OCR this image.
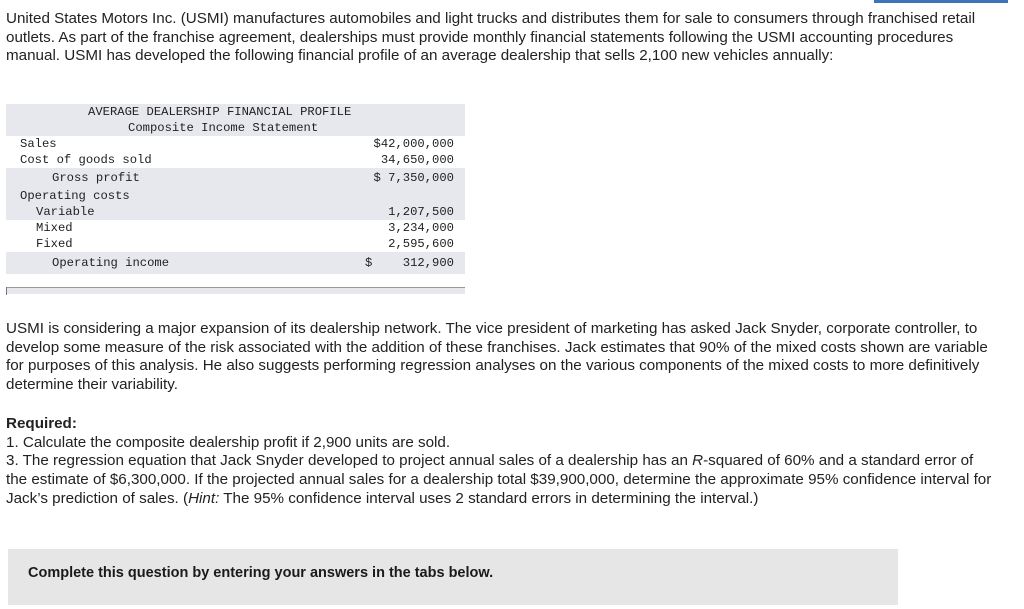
United States Motors Inc. (USMI) manufactures automobiles and light trucks and distributes them for sale to consumers through franchised retail outlets. As part of the franchise agreement, dealerships must provide monthly financial statements following the USMI accounting procedures manual. USMI has developed the following financial profile of an average dealership that sells 2,100 new vehicles annually:

AVERAGE DEALERSHIP FINANCIAL PROFILE
Composite Income Statement
Sales	$42,000,000
Cost of goods sold	34,650,000
Gross profit	$ 7,350,000
Operating costs
Variable	1,207,500
Mixed	3,234,000
Fixed	2,595,600
Operating income	$ 312,900

USMI is considering a major expansion of its dealership network. The vice president of marketing has asked Jack Snyder, corporate controller, to develop some measure of the risk associated with the addition of these franchises. Jack estimates that 90% of the mixed costs shown are variable for purposes of this analysis. He also suggests performing regression analyses on the various components of the mixed costs to more definitively determine their variability.

Required:
1. Calculate the composite dealership profit if 2,900 units are sold.
3. The regression equation that Jack Snyder developed to project annual sales of a dealership has an R-squared of 60% and a standard error of the estimate of $6,300,000. If the projected annual sales for a dealership total $39,900,000, determine the approximate 95% confidence interval for Jack’s prediction of sales. (Hint: The 95% confidence interval uses 2 standard errors in determining the interval.)
Complete this question by entering your answers in the tabs below.
